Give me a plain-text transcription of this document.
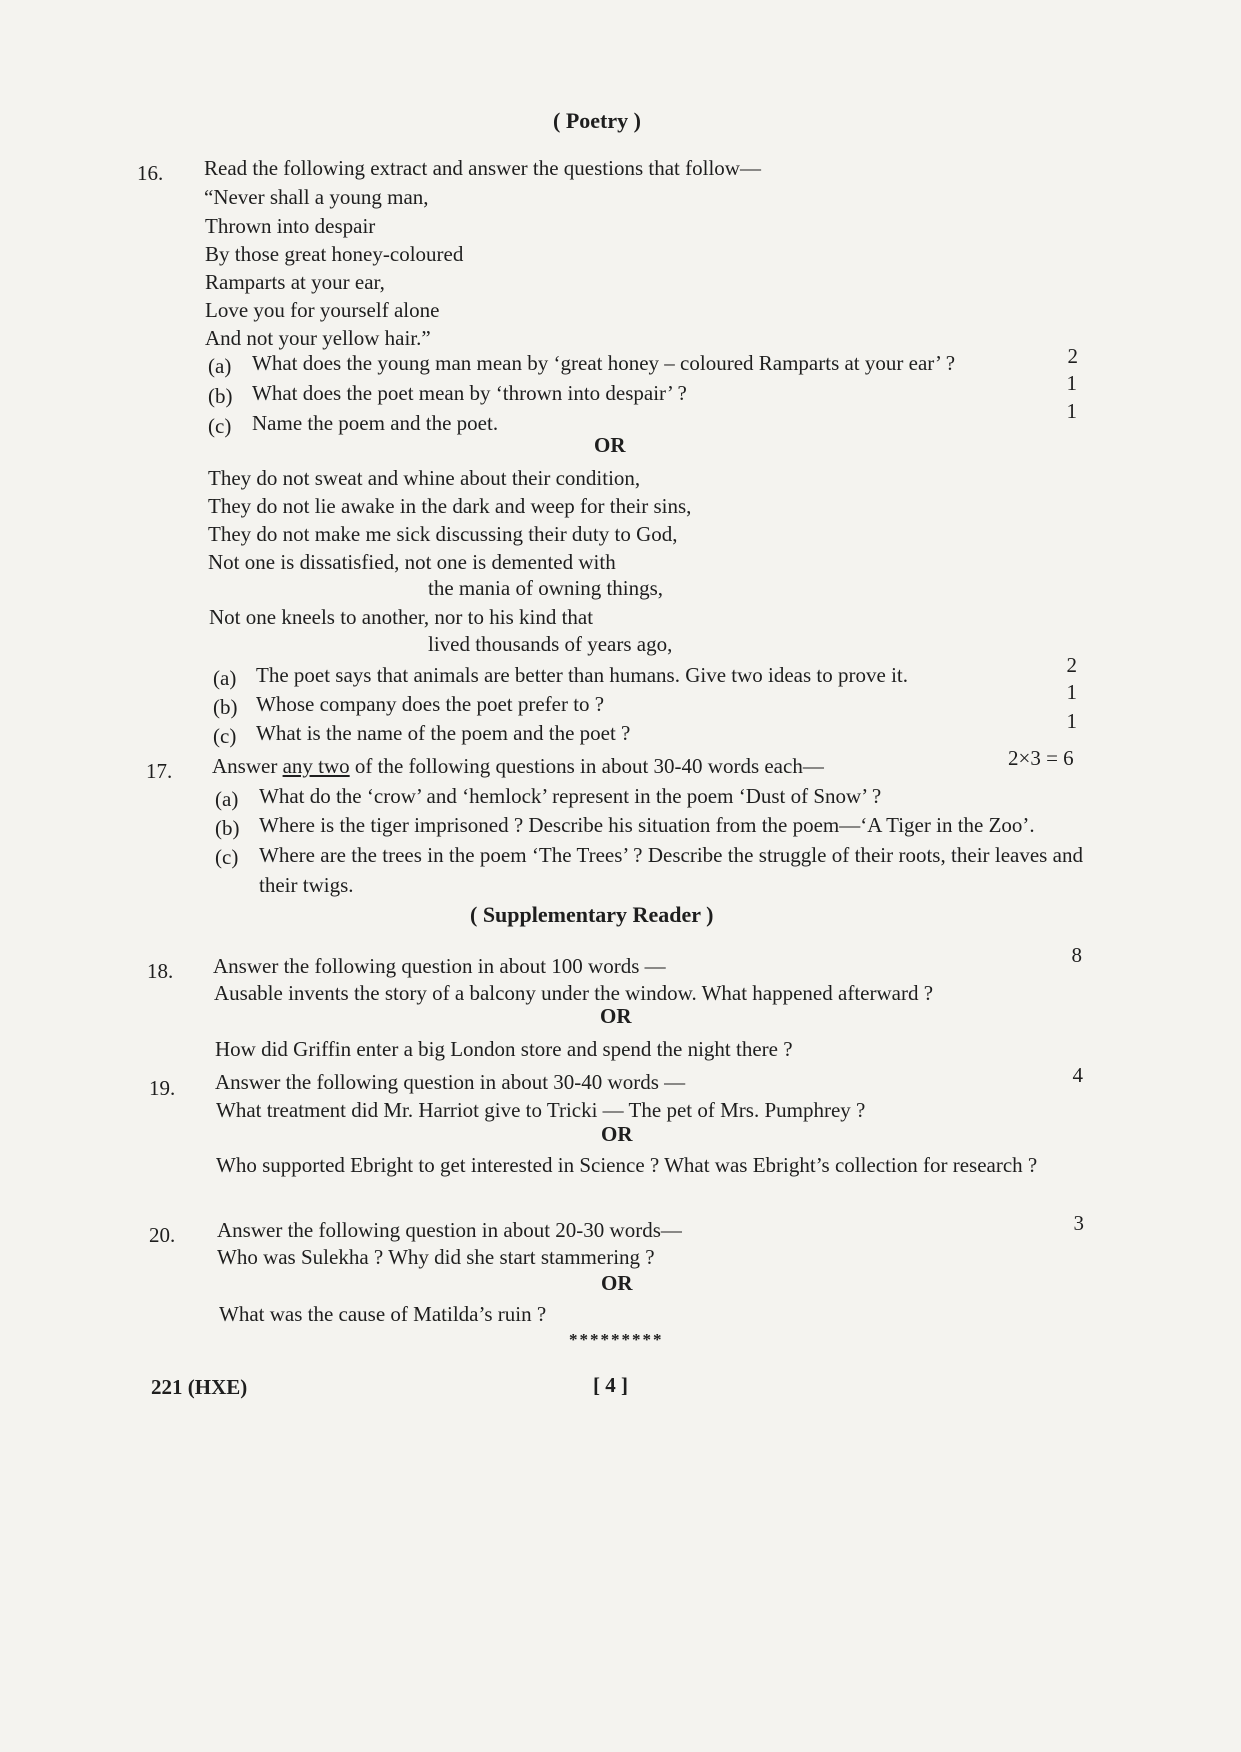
( Poetry )
16. Read the following extract and answer the questions that follow—
“Never shall a young man,
Thrown into despair
By those great honey-coloured
Ramparts at your ear,
Love you for yourself alone
And not your yellow hair.”
(a) What does the young man mean by ‘great honey – coloured Ramparts at your ear’ ?	2
(b) What does the poet mean by ‘thrown into despair’ ?	1
(c) Name the poem and the poet.	1
OR
They do not sweat and whine about their condition,
They do not lie awake in the dark and weep for their sins,
They do not make me sick discussing their duty to God,
Not one is dissatisfied, not one is demented with
the mania of owning things,
Not one kneels to another, nor to his kind that
lived thousands of years ago,
(a) The poet says that animals are better than humans. Give two ideas to prove it.	2
(b) Whose company does the poet prefer to ?	1
(c) What is the name of the poem and the poet ?	1
17. Answer any two of the following questions in about 30-40 words each—	2×3 = 6
(a) What do the ‘crow’ and ‘hemlock’ represent in the poem ‘Dust of Snow’ ?
(b) Where is the tiger imprisoned ? Describe his situation from the poem—‘A Tiger in the Zoo’.
(c) Where are the trees in the poem ‘The Trees’ ? Describe the struggle of their roots, their leaves and their twigs.
( Supplementary Reader )
18. Answer the following question in about 100 words —	8
Ausable invents the story of a balcony under the window. What happened afterward ?
OR
How did Griffin enter a big London store and spend the night there ?
19. Answer the following question in about 30-40 words —	4
What treatment did Mr. Harriot give to Tricki — The pet of Mrs. Pumphrey ?
OR
Who supported Ebright to get interested in Science ? What was Ebright’s collection for research ?
20. Answer the following question in about 20-30 words—	3
Who was Sulekha ? Why did she start stammering ?
OR
What was the cause of Matilda’s ruin ?
*********
221 (HXE)	[ 4 ]
